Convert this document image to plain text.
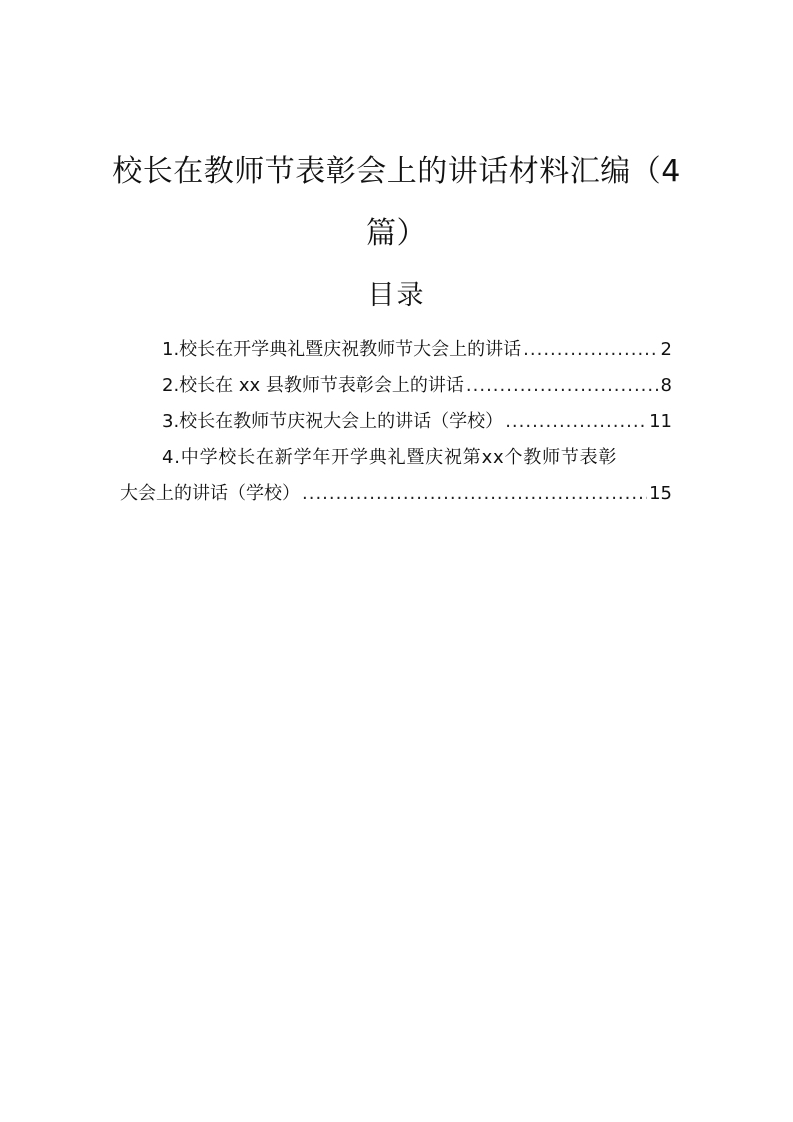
校长在教师节表彰会上的讲话材料汇编（4
篇）
目录
1.校长在开学典礼暨庆祝教师节大会上的讲话 .....	2
2.校长在 xx 县教师节表彰会上的讲话 .....	8
3.校长在教师节庆祝大会上的讲话（学校） .....	11
4.中学校长在新学年开学典礼暨庆祝第xx个教师节表彰
大会上的讲话（学校） .....	15
